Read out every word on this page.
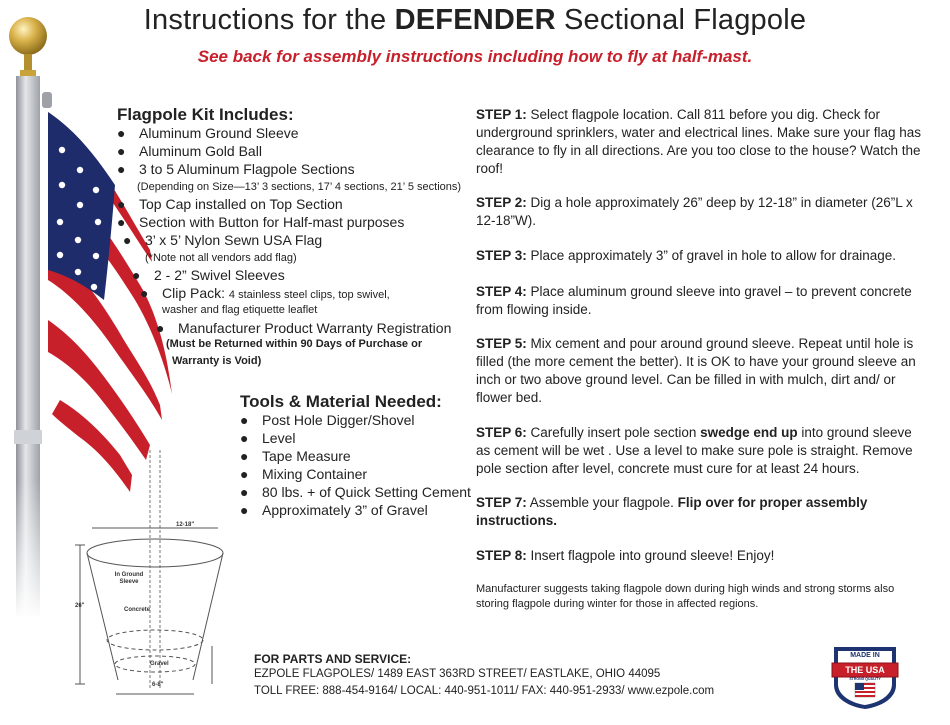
12-18"
In Ground Sleeve
26"
Concrete
Gravel
6-8"
Instructions for the DEFENDER Sectional Flagpole
See back for assembly instructions including how to fly at half-mast.
Flagpole Kit Includes:
● Aluminum Ground Sleeve
● Aluminum Gold Ball
● 3 to 5 Aluminum Flagpole Sections
(Depending on Size—13’ 3 sections, 17’ 4 sections, 21’ 5 sections)
● Top Cap installed on Top Section
● Section with Button for Half-mast purposes
● 3’ x 5’ Nylon Sewn USA Flag
(*Note not all vendors add flag)
● 2 - 2” Swivel Sleeves
● Clip Pack: 4 stainless steel clips, top swivel,
washer and flag etiquette leaflet
● Manufacturer Product Warranty Registration
(Must be Returned within 90 Days of Purchase or
Warranty is Void)
Tools & Material Needed:
● Post Hole Digger/Shovel
● Level
● Tape Measure
● Mixing Container
● 80 lbs. + of Quick Setting Cement
● Approximately 3” of Gravel
STEP 1: Select flagpole location. Call 811 before you dig. Check for underground sprinklers, water and electrical lines. Make sure your flag has clearance to fly in all directions. Are you too close to the house? Watch the roof!
STEP 2: Dig a hole approximately 26” deep by 12-18” in diameter (26”L x 12-18”W).
STEP 3: Place approximately 3” of gravel in hole to allow for drainage.
STEP 4: Place aluminum ground sleeve into gravel – to prevent concrete from flowing inside.
STEP 5: Mix cement and pour around ground sleeve. Repeat until hole is filled (the more cement the better). It is OK to have your ground sleeve an inch or two above ground level. Can be filled in with mulch, dirt and/ or flower bed.
STEP 6: Carefully insert pole section swedge end up into ground sleeve as cement will be wet . Use a level to make sure pole is straight. Remove pole section after level, concrete must cure for at least 24 hours.
STEP 7: Assemble your flagpole. Flip over for proper assembly instructions.
STEP 8: Insert flagpole into ground sleeve! Enjoy!
Manufacturer suggests taking flagpole down during high winds and strong storms also storing flagpole during winter for those in affected regions.
FOR PARTS AND SERVICE:
EZPOLE FLAGPOLES/ 1489 EAST 363RD STREET/ EASTLAKE, OHIO 44095
TOLL FREE: 888-454-9164/ LOCAL: 440-951-1011/ FAX: 440-951-2933/ www.ezpole.com
MADE IN
THE USA
STRONG QUALITY
